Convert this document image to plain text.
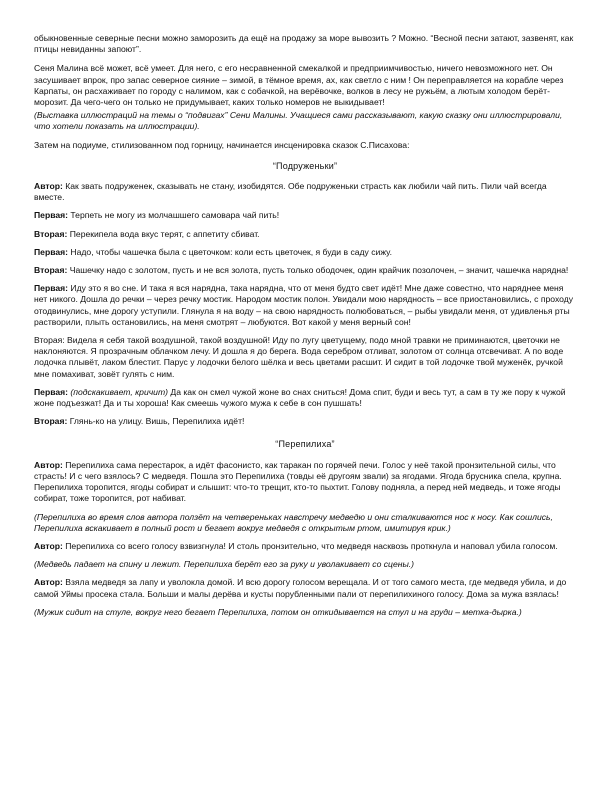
обыкновенные северные песни можно заморозить да ещё на продажу за море вывозить ? Можно. “Весной песни затают, зазвенят, как птицы невиданны запоют”.

Сеня Малина всё может, всё умеет. Для него, с его несравненной смекалкой и предприимчивостью, ничего невозможного нет. Он засушивает впрок, про запас северное сияние – зимой, в тёмное время, ах, как светло с ним ! Он переправляется на корабле через Карпаты, он расхаживает по городу с налимом, как с собачкой, на верёвочке, волков в лесу не ружьём, а лютым холодом берёт-морозит. Да чего-чего он только не придумывает, каких только номеров не выкидывает!

(Выставка иллюстраций на темы о “подвигах” Сени Малины. Учащиеся сами рассказывают, какую сказку они иллюстрировали, что хотели показать на иллюстрации).

Затем на подиуме, стилизованном под горницу, начинается инсценировка сказок С.Писахова:

“Подруженьки”

Автор: Как звать подруженек, сказывать не стану, изобидятся. Обе подруженьки страсть как любили чай пить. Пили чай всегда вместе.

Первая: Терпеть не могу из молчашшего самовара чай пить!

Вторая: Перекипела вода вкус терят, с аппетиту сбиват.

Первая: Надо, чтобы чашечка была с цветочком: коли есть цветочек, я буди в саду сижу.

Вторая: Чашечку надо с золотом, пусть и не вся золота, пусть только ободочек, один крайчик позолочен, – значит, чашечка нарядна!

Первая: Иду это я во сне. И така я вся нарядна, така нарядна, что от меня будто свет идёт! Мне даже совестно, что наряднее меня нет никого. Дошла до речки – через речку мостик. Народом мостик полон. Увидали мою нарядность – все приостановились, с проходу отодвинулись, мне дорогу уступили. Глянула я на воду – на свою нарядность полюбоваться, – рыбы увидали меня, от удивленья рты растворили, плыть остановились, на меня смотрят – любуются. Вот какой у меня верный сон!

Вторая: Видела я себя такой воздушной, такой воздушной! Иду по лугу цветущему, подо мной травки не приминаются, цветочки не наклоняются. Я прозрачным облачком лечу. И дошла я до берега. Вода серебром отливат, золотом от солнца отсвечиват. А по воде лодочка плывёт, лаком блестит. Парус у лодочки белого шёлка и весь цветами расшит. И сидит в той лодочке твой муженёк, ручкой мне помахиват, зовёт гулять с ним.

Первая: (подскакивает, кричит) Да как он смел чужой жоне во снах сниться! Дома спит, буди и весь тут, а сам в ту же пору к чужой жоне подъезжат! Да и ты хороша! Как смеешь чужого мужа к себе в сон пушшать!

Вторая: Глянь-ко на улицу. Вишь, Перепилиха идёт!

“Перепилиха”

Автор: Перепилиха сама перестарок, а идёт фасонисто, как таракан по горячей печи. Голос у неё такой пронзительной силы, что страсть! И с чего взялось? С медведя. Пошла это Перепилиха (товды её другоям звали) за ягодами. Ягода брусника спела, крупна. Перепилиха торопится, ягоды собират и слышит: что-то трещит, кто-то пыхтит. Голову подняла, а перед ней медведь, и тоже ягоды собират, тоже торопится, рот набиват.

(Перепилиха во время слов автора ползёт на четвереньках навстречу медведю и они сталкиваются нос к носу. Как сошлись, Перепилиха вскакивает в полный рост и бегает вокруг медведя с открытым ртом, имитируя крик.)

Автор: Перепилиха со всего голосу взвизгнула! И столь пронзительно, что медведя насквозь проткнула и наповал убила голосом.

(Медведь падает на спину и лежит. Перепилиха берёт его за руку и уволакивает со сцены.)

Автор: Взяла медведя за лапу и уволокла домой. И всю дорогу голосом верещала. И от того самого места, где медведя убила, и до самой Уймы просека стала. Больши и малы дерёва и кусты порубленными пали от перепилихиного голосу. Дома за мужа взялась!

(Мужик сидит на стуле, вокруг него бегает Перепилиха, потом он откидывается на стул и на груди – метка-дырка.)
